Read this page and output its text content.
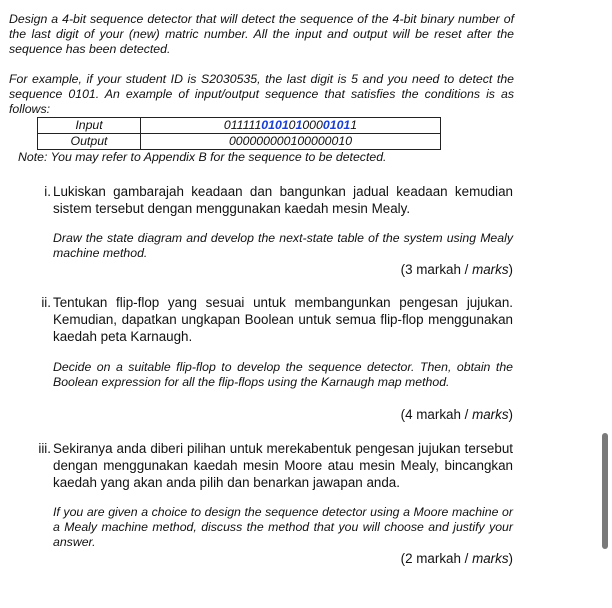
Design a 4-bit sequence detector that will detect the sequence of the 4-bit binary number of the last digit of your (new) matric number. All the input and output will be reset after the sequence has been detected.

For example, if your student ID is S2030535, the last digit is 5 and you need to detect the sequence 0101. An example of input/output sequence that satisfies the conditions is as follows:

Input	01111101010100001011
Output	000000000100000010
Note: You may refer to Appendix B for the sequence to be detected.
i. Lukiskan gambarajah keadaan dan bangunkan jadual keadaan kemudian sistem tersebut dengan menggunakan kaedah mesin Mealy.
Draw the state diagram and develop the next-state table of the system using Mealy machine method.
(3 markah / marks)
ii. Tentukan flip-flop yang sesuai untuk membangunkan pengesan jujukan. Kemudian, dapatkan ungkapan Boolean untuk semua flip-flop menggunakan kaedah peta Karnaugh.
Decide on a suitable flip-flop to develop the sequence detector. Then, obtain the Boolean expression for all the flip-flops using the Karnaugh map method.
(4 markah / marks)
iii. Sekiranya anda diberi pilihan untuk merekabentuk pengesan jujukan tersebut dengan menggunakan kaedah mesin Moore atau mesin Mealy, bincangkan kaedah yang akan anda pilih dan benarkan jawapan anda.
If you are given a choice to design the sequence detector using a Moore machine or a Mealy machine method, discuss the method that you will choose and justify your answer.
(2 markah / marks)
